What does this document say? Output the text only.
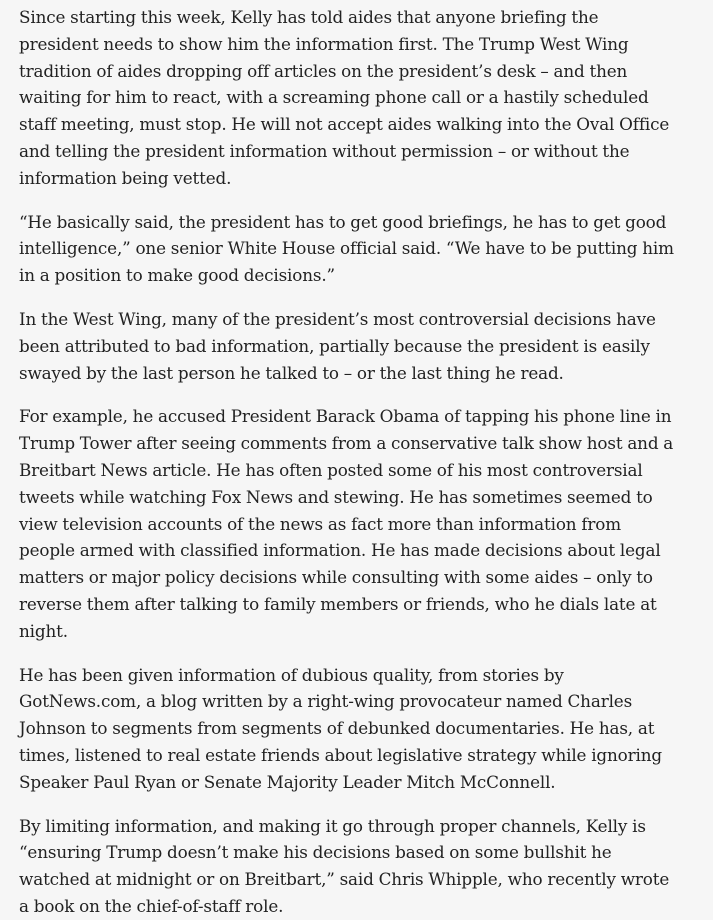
Since starting this week, Kelly has told aides that anyone briefing the president needs to show him the information first. The Trump West Wing tradition of aides dropping off articles on the president’s desk – and then waiting for him to react, with a screaming phone call or a hastily scheduled staff meeting, must stop. He will not accept aides walking into the Oval Office and telling the president information without permission – or without the information being vetted.

“He basically said, the president has to get good briefings, he has to get good intelligence,” one senior White House official said. “We have to be putting him in a position to make good decisions.”

In the West Wing, many of the president’s most controversial decisions have been attributed to bad information, partially because the president is easily swayed by the last person he talked to – or the last thing he read.

For example, he accused President Barack Obama of tapping his phone line in Trump Tower after seeing comments from a conservative talk show host and a Breitbart News article. He has often posted some of his most controversial tweets while watching Fox News and stewing. He has sometimes seemed to view television accounts of the news as fact more than information from people armed with classified information. He has made decisions about legal matters or major policy decisions while consulting with some aides – only to reverse them after talking to family members or friends, who he dials late at night.

He has been given information of dubious quality, from stories by GotNews.com, a blog written by a right-wing provocateur named Charles Johnson to segments from segments of debunked documentaries. He has, at times, listened to real estate friends about legislative strategy while ignoring Speaker Paul Ryan or Senate Majority Leader Mitch McConnell.

By limiting information, and making it go through proper channels, Kelly is “ensuring Trump doesn’t make his decisions based on some bullshit he watched at midnight or on Breitbart,” said Chris Whipple, who recently wrote a book on the chief-of-staff role.
